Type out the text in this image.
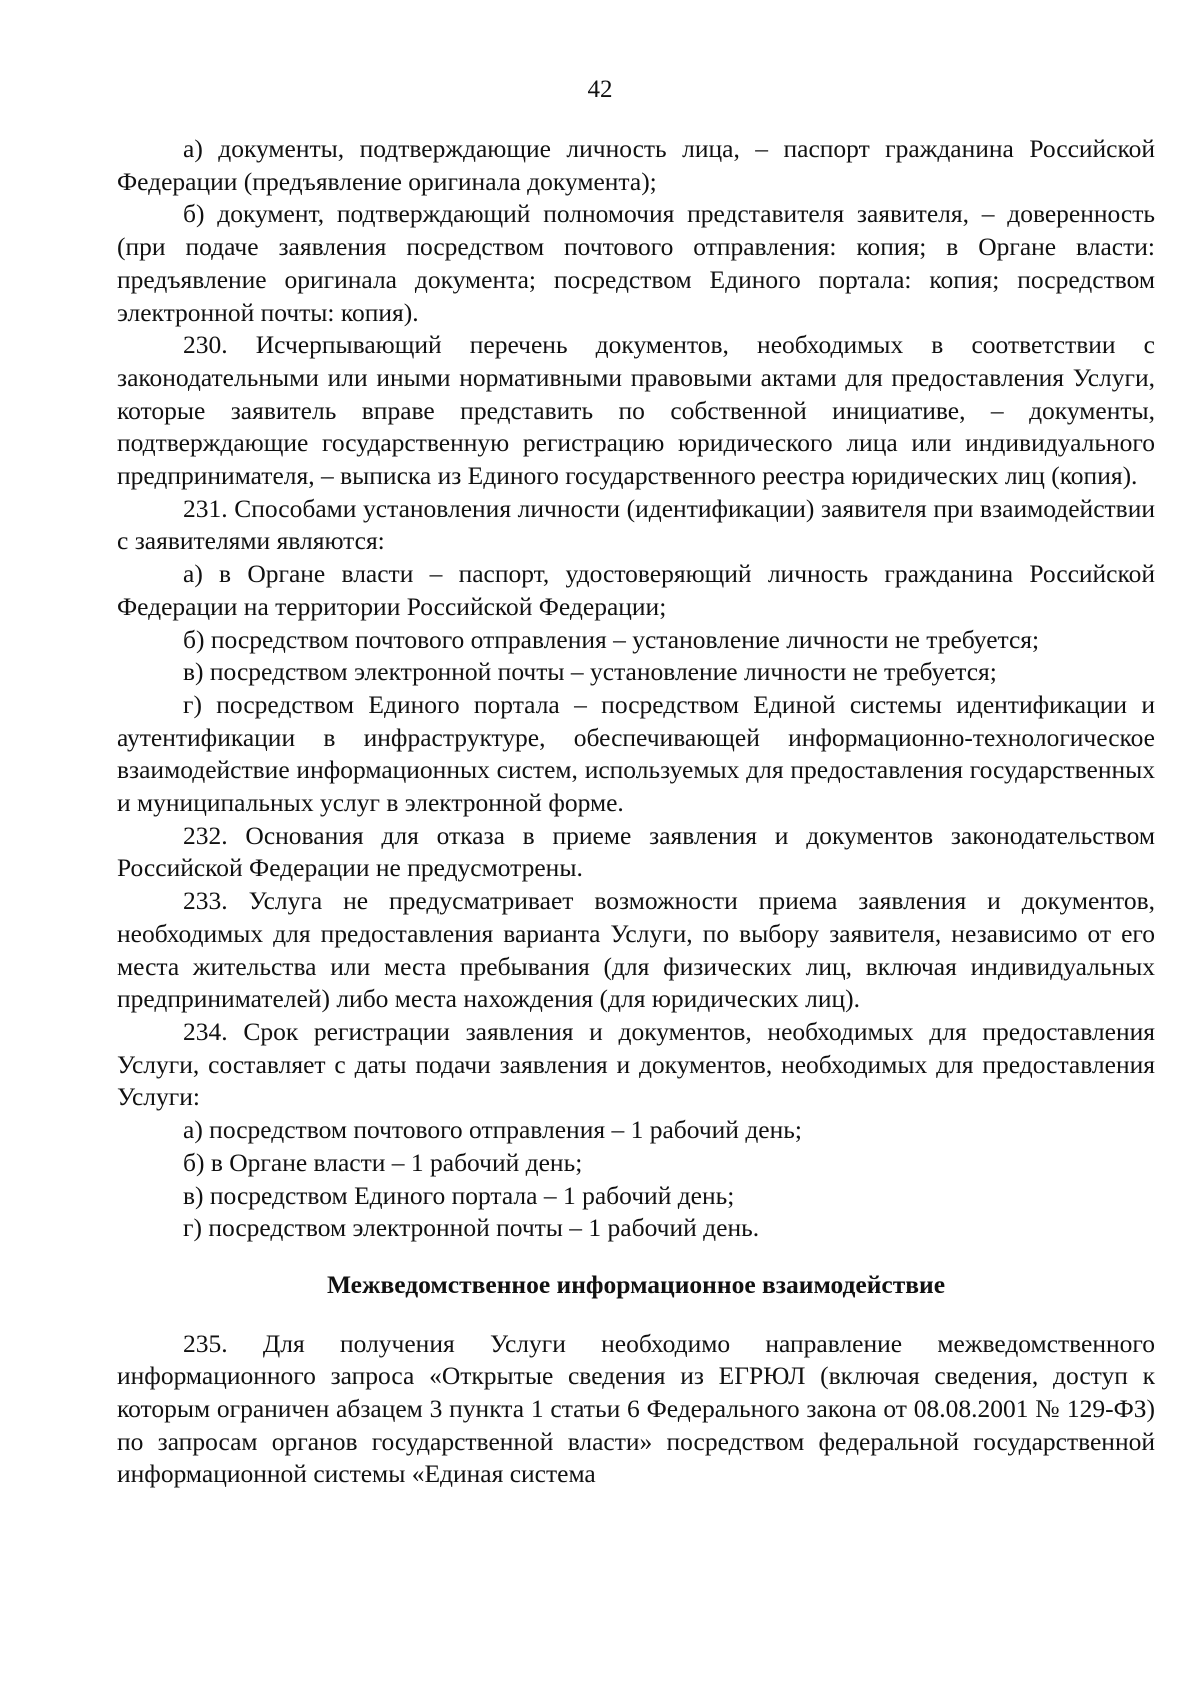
42

а) документы, подтверждающие личность лица, – паспорт гражданина Российской Федерации (предъявление оригинала документа);

б) документ, подтверждающий полномочия представителя заявителя, – доверенность (при подаче заявления посредством почтового отправления: копия; в Органе власти: предъявление оригинала документа; посредством Единого портала: копия; посредством электронной почты: копия).

230. Исчерпывающий перечень документов, необходимых в соответствии с законодательными или иными нормативными правовыми актами для предоставления Услуги, которые заявитель вправе представить по собственной инициативе, – документы, подтверждающие государственную регистрацию юридического лица или индивидуального предпринимателя, – выписка из Единого государственного реестра юридических лиц (копия).

231. Способами установления личности (идентификации) заявителя при взаимодействии с заявителями являются:

а) в Органе власти – паспорт, удостоверяющий личность гражданина Российской Федерации на территории Российской Федерации;

б) посредством почтового отправления – установление личности не требуется;

в) посредством электронной почты – установление личности не требуется;

г) посредством Единого портала – посредством Единой системы идентификации и аутентификации в инфраструктуре, обеспечивающей информационно-технологическое взаимодействие информационных систем, используемых для предоставления государственных и муниципальных услуг в электронной форме.

232. Основания для отказа в приеме заявления и документов законодательством Российской Федерации не предусмотрены.

233. Услуга не предусматривает возможности приема заявления и документов, необходимых для предоставления варианта Услуги, по выбору заявителя, независимо от его места жительства или места пребывания (для физических лиц, включая индивидуальных предпринимателей) либо места нахождения (для юридических лиц).

234. Срок регистрации заявления и документов, необходимых для предоставления Услуги, составляет с даты подачи заявления и документов, необходимых для предоставления Услуги:

а) посредством почтового отправления – 1 рабочий день;

б) в Органе власти – 1 рабочий день;

в) посредством Единого портала – 1 рабочий день;

г) посредством электронной почты – 1 рабочий день.

Межведомственное информационное взаимодействие

235. Для получения Услуги необходимо направление межведомственного информационного запроса «Открытые сведения из ЕГРЮЛ (включая сведения, доступ к которым ограничен абзацем 3 пункта 1 статьи 6 Федерального закона от 08.08.2001 № 129-ФЗ) по запросам органов государственной власти» посредством федеральной государственной информационной системы «Единая система
